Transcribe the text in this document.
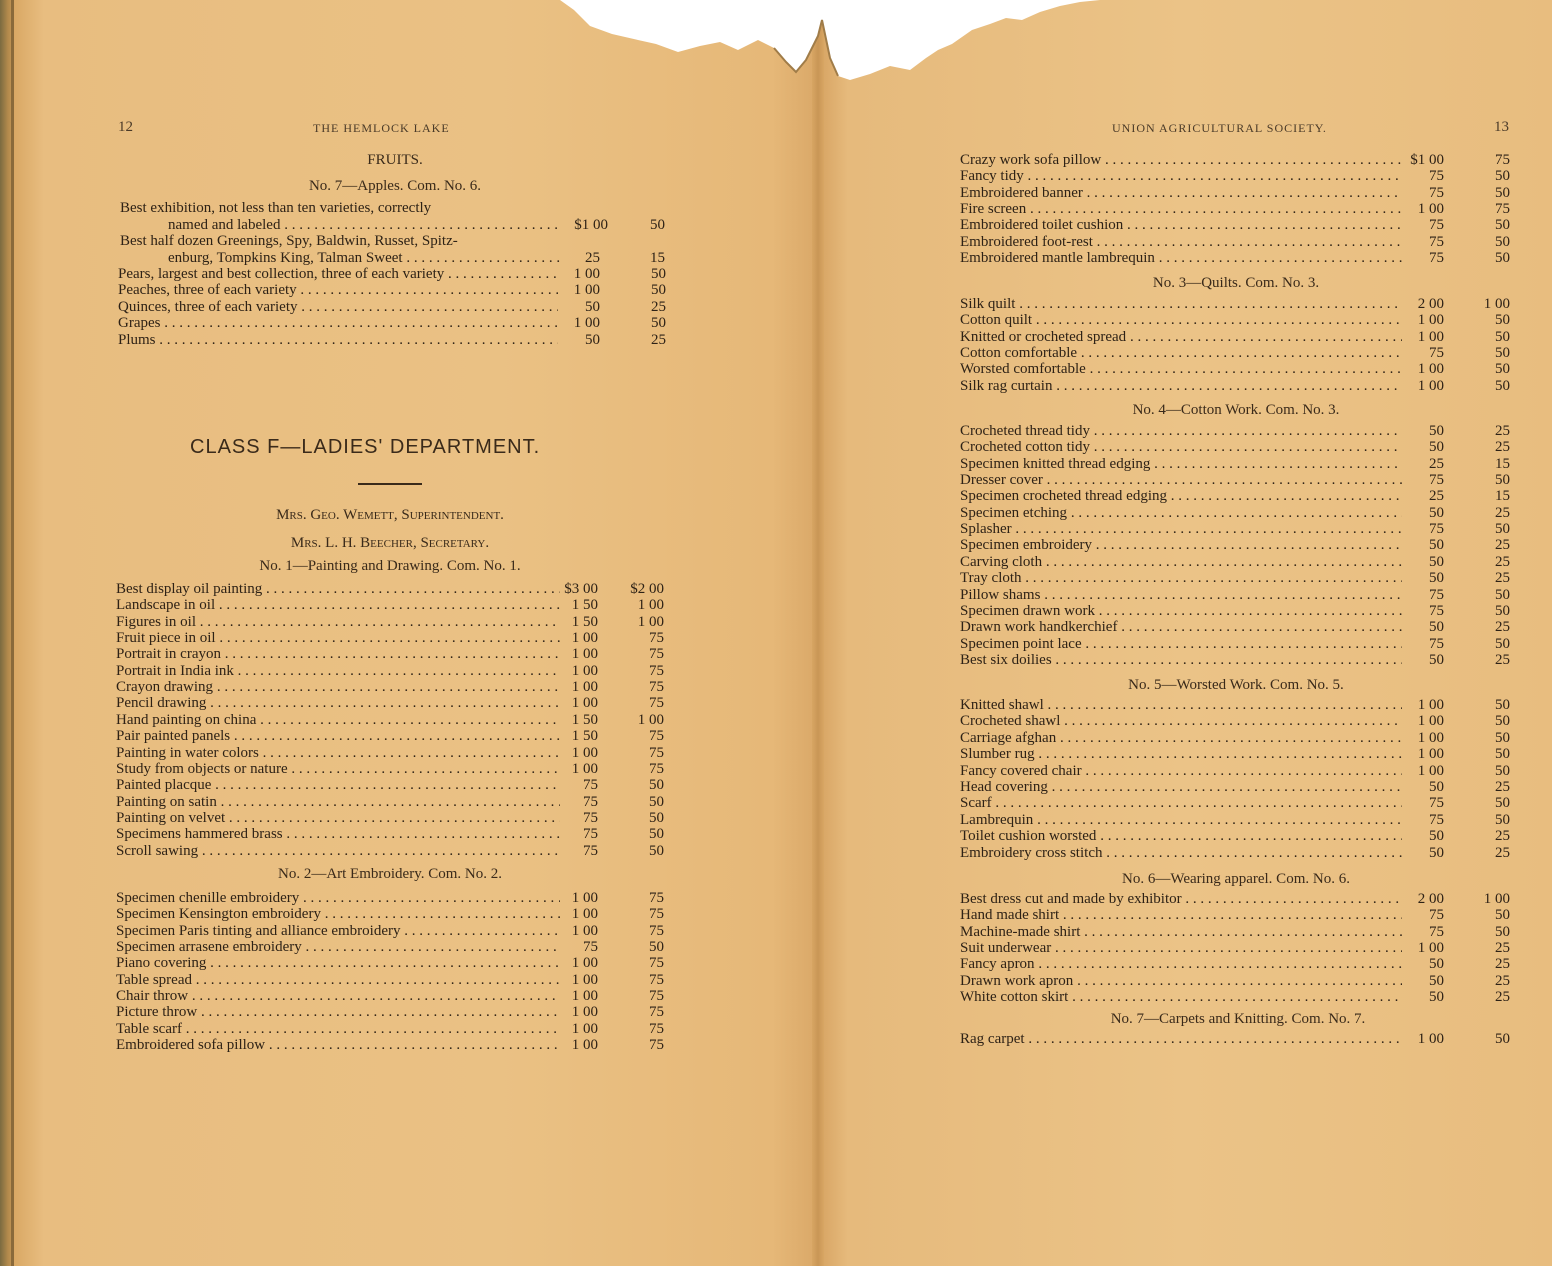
12	THE HEMLOCK LAKE
FRUITS.
No. 7—Apples. Com. No. 6.
Best exhibition, not less than ten varieties, correctly
named and labeled . . .	$1 00	50
Best half dozen Greenings, Spy, Baldwin, Russet, Spitz-
enburg, Tompkins King, Talman Sweet . . .	25	15
Pears, largest and best collection, three of each variety . . .	1 00	50
Peaches, three of each variety . . .	1 00	50
Quinces, three of each variety . . .	50	25
Grapes . . .	1 00	50
Plums . . .	50	25
CLASS F—LADIES' DEPARTMENT.
Mrs. Geo. Wemett, Superintendent.
Mrs. L. H. Beecher, Secretary.
No. 1—Painting and Drawing. Com. No. 1.
Best display oil painting . . .	$3 00	$2 00
Landscape in oil . . .	1 50	1 00
Figures in oil . . .	1 50	1 00
Fruit piece in oil . . .	1 00	75
Portrait in crayon . . .	1 00	75
Portrait in India ink . . .	1 00	75
Crayon drawing . . .	1 00	75
Pencil drawing . . .	1 00	75
Hand painting on china . . .	1 50	1 00
Pair painted panels . . .	1 50	75
Painting in water colors . . .	1 00	75
Study from objects or nature . . .	1 00	75
Painted placque . . .	75	50
Painting on satin . . .	75	50
Painting on velvet . . .	75	50
Specimens hammered brass . . .	75	50
Scroll sawing . . .	75	50
No. 2—Art Embroidery. Com. No. 2.
Specimen chenille embroidery . . .	1 00	75
Specimen Kensington embroidery . . .	1 00	75
Specimen Paris tinting and alliance embroidery . . .	1 00	75
Specimen arrasene embroidery . . .	75	50
Piano covering . . .	1 00	75
Table spread . . .	1 00	75
Chair throw . . .	1 00	75
Picture throw . . .	1 00	75
Table scarf . . .	1 00	75
Embroidered sofa pillow . . .	1 00	75
UNION AGRICULTURAL SOCIETY.	13
Crazy work sofa pillow . . .	$1 00	75
Fancy tidy . . .	75	50
Embroidered banner . . .	75	50
Fire screen . . .	1 00	75
Embroidered toilet cushion . . .	75	50
Embroidered foot-rest . . .	75	50
Embroidered mantle lambrequin . . .	75	50
No. 3—Quilts. Com. No. 3.
Silk quilt . . .	2 00	1 00
Cotton quilt . . .	1 00	50
Knitted or crocheted spread . . .	1 00	50
Cotton comfortable . . .	75	50
Worsted comfortable . . .	1 00	50
Silk rag curtain . . .	1 00	50
No. 4—Cotton Work. Com. No. 3.
Crocheted thread tidy . . .	50	25
Crocheted cotton tidy . . .	50	25
Specimen knitted thread edging . . .	25	15
Dresser cover . . .	75	50
Specimen crocheted thread edging . . .	25	15
Specimen etching . . .	50	25
Splasher . . .	75	50
Specimen embroidery . . .	50	25
Carving cloth . . .	50	25
Tray cloth . . .	50	25
Pillow shams . . .	75	50
Specimen drawn work . . .	75	50
Drawn work handkerchief . . .	50	25
Specimen point lace . . .	75	50
Best six doilies . . .	50	25
No. 5—Worsted Work. Com. No. 5.
Knitted shawl . . .	1 00	50
Crocheted shawl . . .	1 00	50
Carriage afghan . . .	1 00	50
Slumber rug . . .	1 00	50
Fancy covered chair . . .	1 00	50
Head covering . . .	50	25
Scarf . . .	75	50
Lambrequin . . .	75	50
Toilet cushion worsted . . .	50	25
Embroidery cross stitch . . .	50	25
No. 6—Wearing apparel. Com. No. 6.
Best dress cut and made by exhibitor . . .	2 00	1 00
Hand made shirt . . .	75	50
Machine-made shirt . . .	75	50
Suit underwear . . .	1 00	25
Fancy apron . . .	50	25
Drawn work apron . . .	50	25
White cotton skirt . . .	50	25
No. 7—Carpets and Knitting. Com. No. 7.
Rag carpet . . .	1 00	50
